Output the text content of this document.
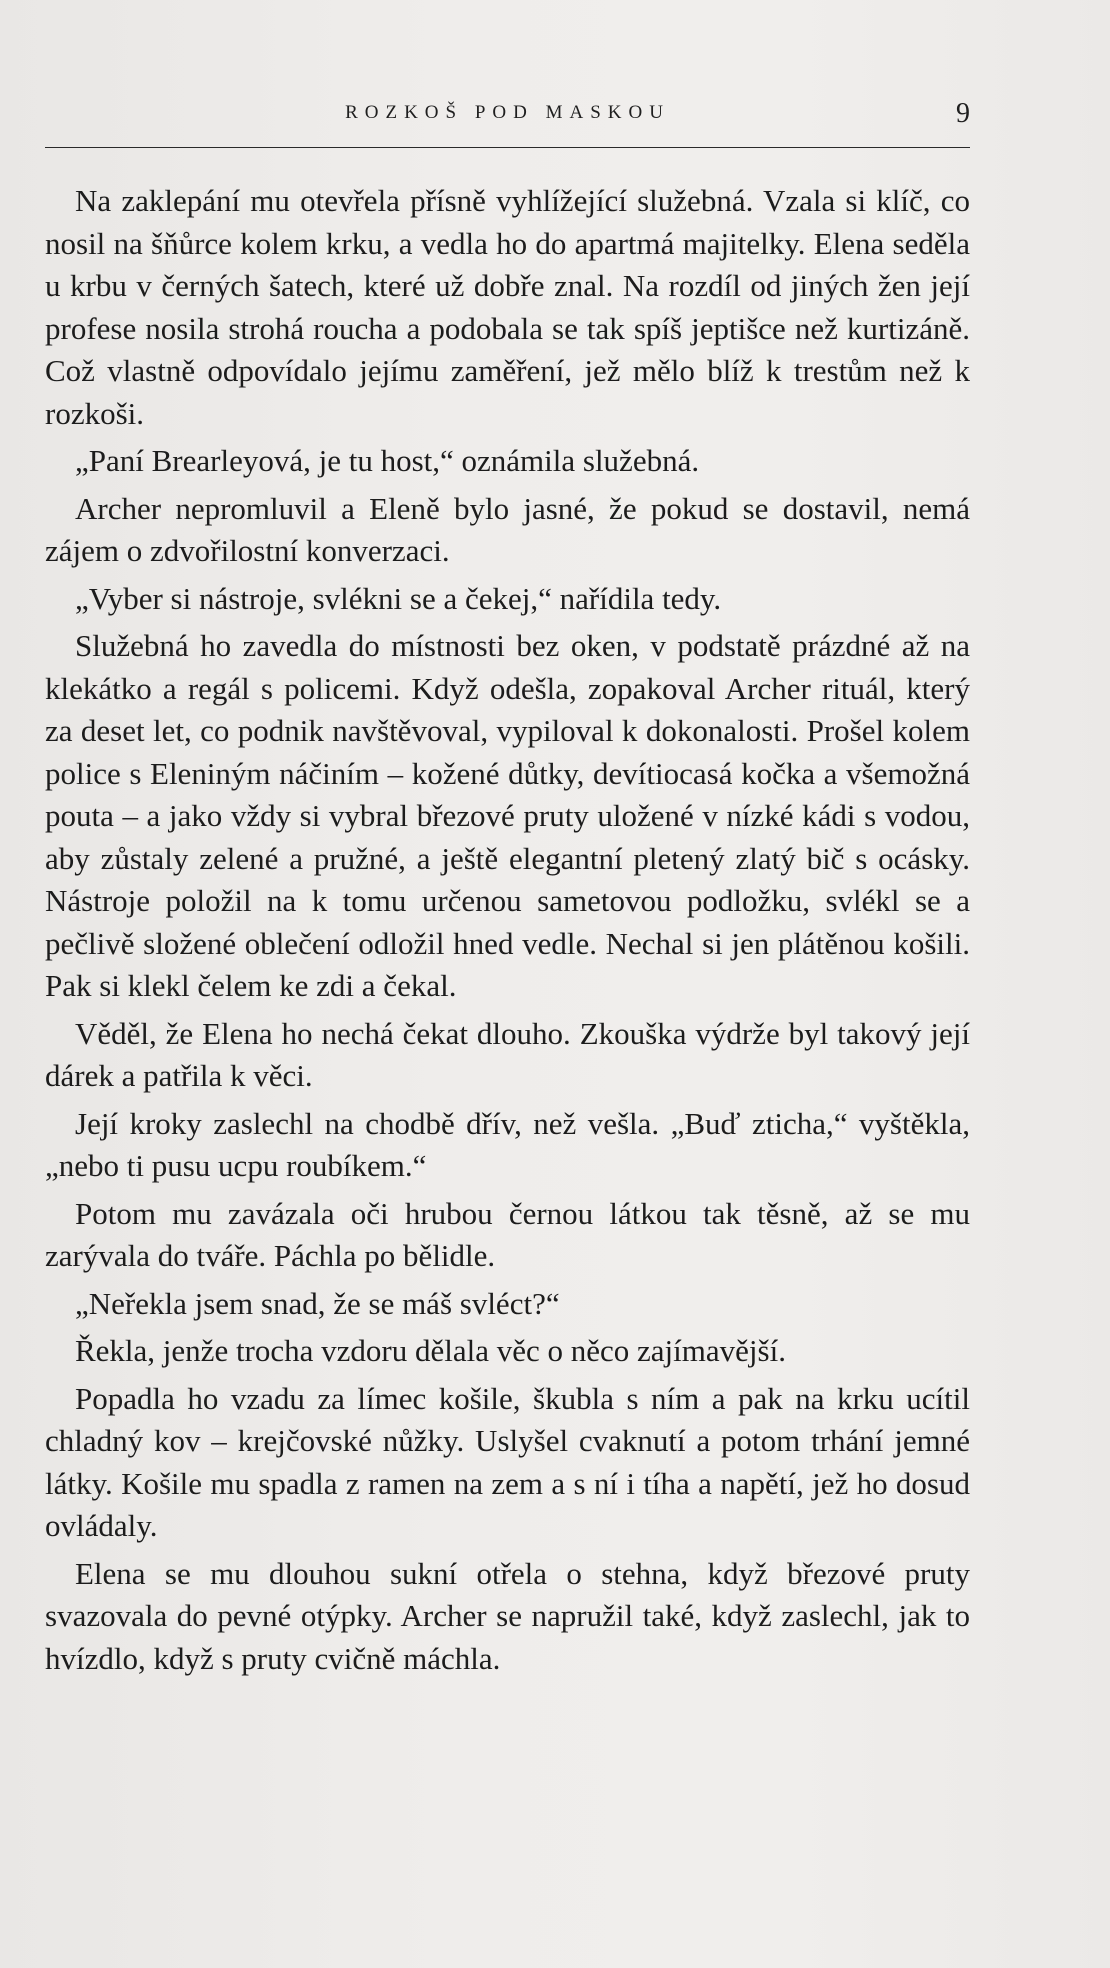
ROZKOŠ POD MASKOU	9

Na zaklepání mu otevřela přísně vyhlížející služebná. Vzala si klíč, co nosil na šňůrce kolem krku, a vedla ho do apartmá majitelky. Elena seděla u krbu v černých šatech, které už dobře znal. Na rozdíl od jiných žen její profese nosila strohá roucha a podobala se tak spíš jeptišce než kurtizáně. Což vlastně odpovídalo jejímu zaměření, jež mělo blíž k trestům než k rozkoši.

„Paní Brearleyová, je tu host,“ oznámila služebná.

Archer nepromluvil a Eleně bylo jasné, že pokud se dostavil, nemá zájem o zdvořilostní konverzaci.

„Vyber si nástroje, svlékni se a čekej,“ nařídila tedy.

Služebná ho zavedla do místnosti bez oken, v podstatě prázdné až na klekátko a regál s policemi. Když odešla, zopakoval Archer rituál, který za deset let, co podnik navštěvoval, vypiloval k dokonalosti. Prošel kolem police s Eleniným náčiním – kožené důtky, devítiocasá kočka a všemožná pouta – a jako vždy si vybral březové pruty uložené v nízké kádi s vodou, aby zůstaly zelené a pružné, a ještě elegantní pletený zlatý bič s ocásky. Nástroje položil na k tomu určenou sametovou podložku, svlékl se a pečlivě složené oblečení odložil hned vedle. Nechal si jen plátěnou košili. Pak si klekl čelem ke zdi a čekal.

Věděl, že Elena ho nechá čekat dlouho. Zkouška výdrže byl takový její dárek a patřila k věci.

Její kroky zaslechl na chodbě dřív, než vešla. „Buď zticha,“ vyštěkla, „nebo ti pusu ucpu roubíkem.“

Potom mu zavázala oči hrubou černou látkou tak těsně, až se mu zarývala do tváře. Páchla po bělidle.

„Neřekla jsem snad, že se máš svléct?“

Řekla, jenže trocha vzdoru dělala věc o něco zajímavější.

Popadla ho vzadu za límec košile, škubla s ním a pak na krku ucítil chladný kov – krejčovské nůžky. Uslyšel cvaknutí a potom trhání jemné látky. Košile mu spadla z ramen na zem a s ní i tíha a napětí, jež ho dosud ovládaly.

Elena se mu dlouhou sukní otřela o stehna, když březové pruty svazovala do pevné otýpky. Archer se napružil také, když zaslechl, jak to hvízdlo, když s pruty cvičně máchla.
